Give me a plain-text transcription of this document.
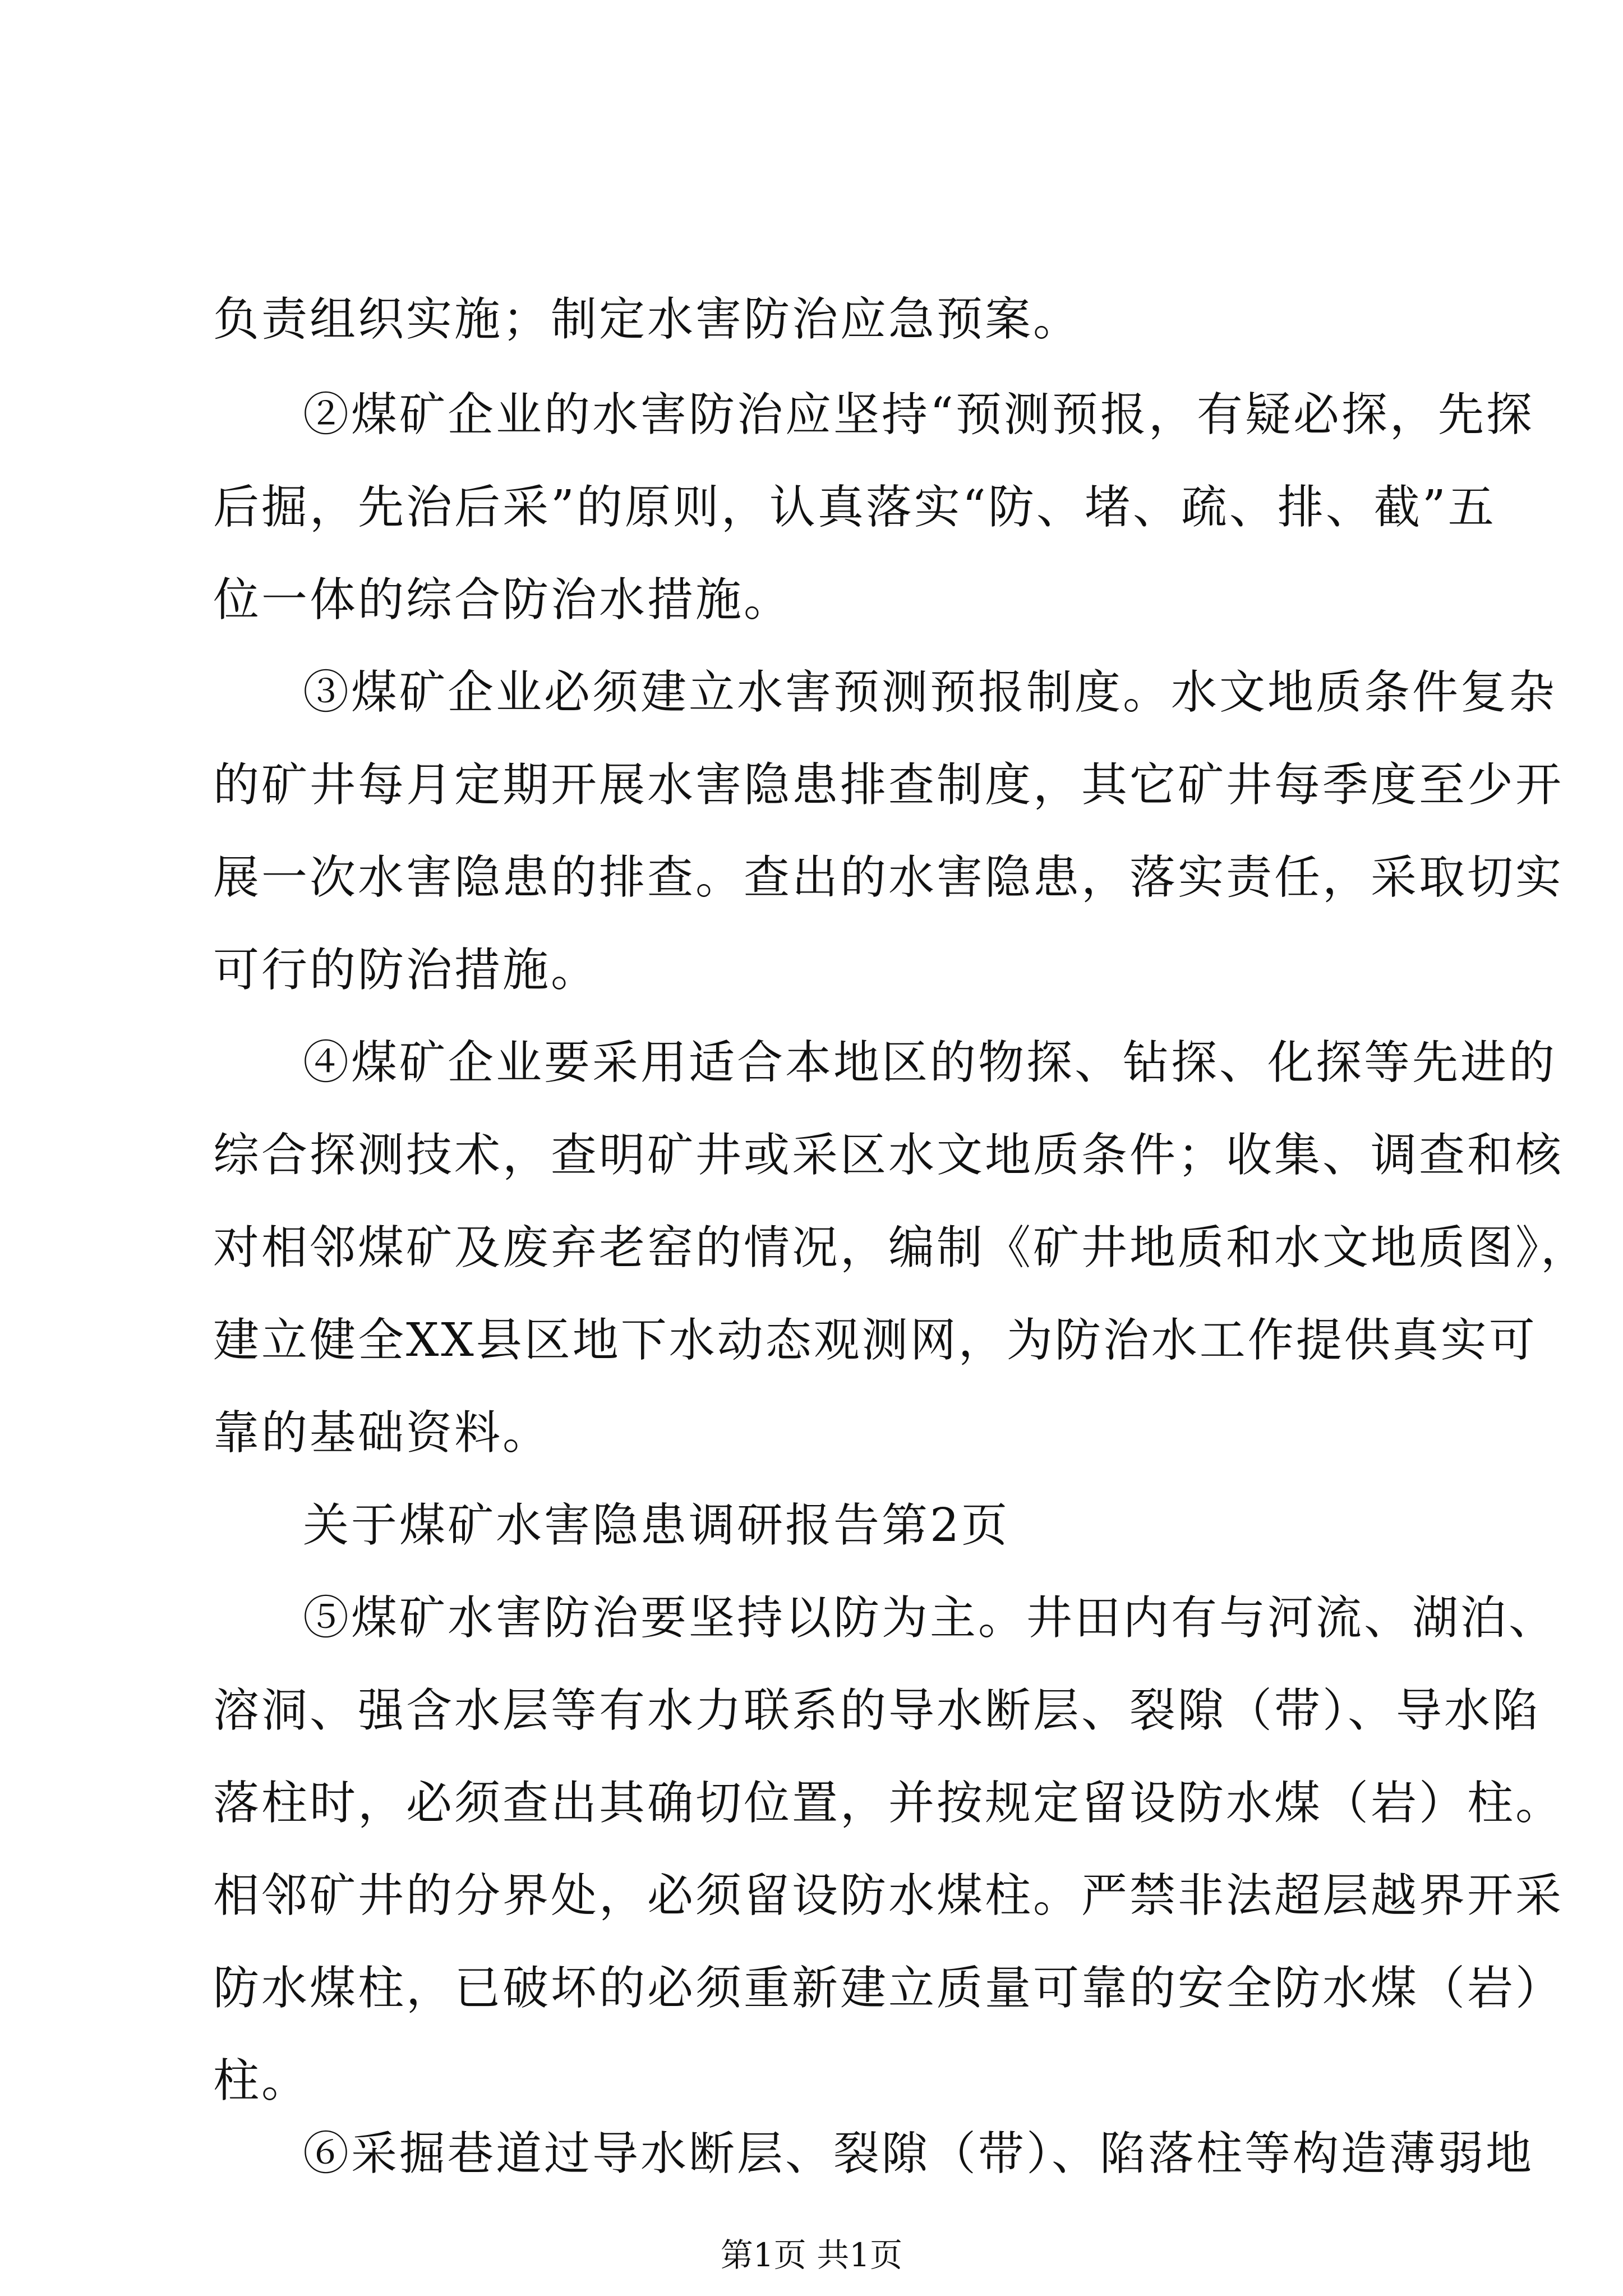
负责组织实施；制定水害防治应急预案。
②煤矿企业的水害防治应坚持“预测预报，有疑必探，先探
后掘，先治后采”的原则，认真落实“防、堵、疏、排、截”五
位一体的综合防治水措施。
③煤矿企业必须建立水害预测预报制度。水文地质条件复杂
的矿井每月定期开展水害隐患排查制度，其它矿井每季度至少开
展一次水害隐患的排查。查出的水害隐患，落实责任，采取切实
可行的防治措施。
④煤矿企业要采用适合本地区的物探、钻探、化探等先进的
综合探测技术，查明矿井或采区水文地质条件；收集、调查和核
对相邻煤矿及废弃老窑的情况，编制《矿井地质和水文地质图》，
建立健全XX县区地下水动态观测网，为防治水工作提供真实可
靠的基础资料。
关于煤矿水害隐患调研报告第2页
⑤煤矿水害防治要坚持以防为主。井田内有与河流、湖泊、
溶洞、强含水层等有水力联系的导水断层、裂隙（带）、导水陷
落柱时，必须查出其确切位置，并按规定留设防水煤（岩）柱。
相邻矿井的分界处，必须留设防水煤柱。严禁非法超层越界开采
防水煤柱，已破坏的必须重新建立质量可靠的安全防水煤（岩）
柱。
第1页 共1页
⑥采掘巷道过导水断层、裂隙（带）、陷落柱等构造薄弱地
